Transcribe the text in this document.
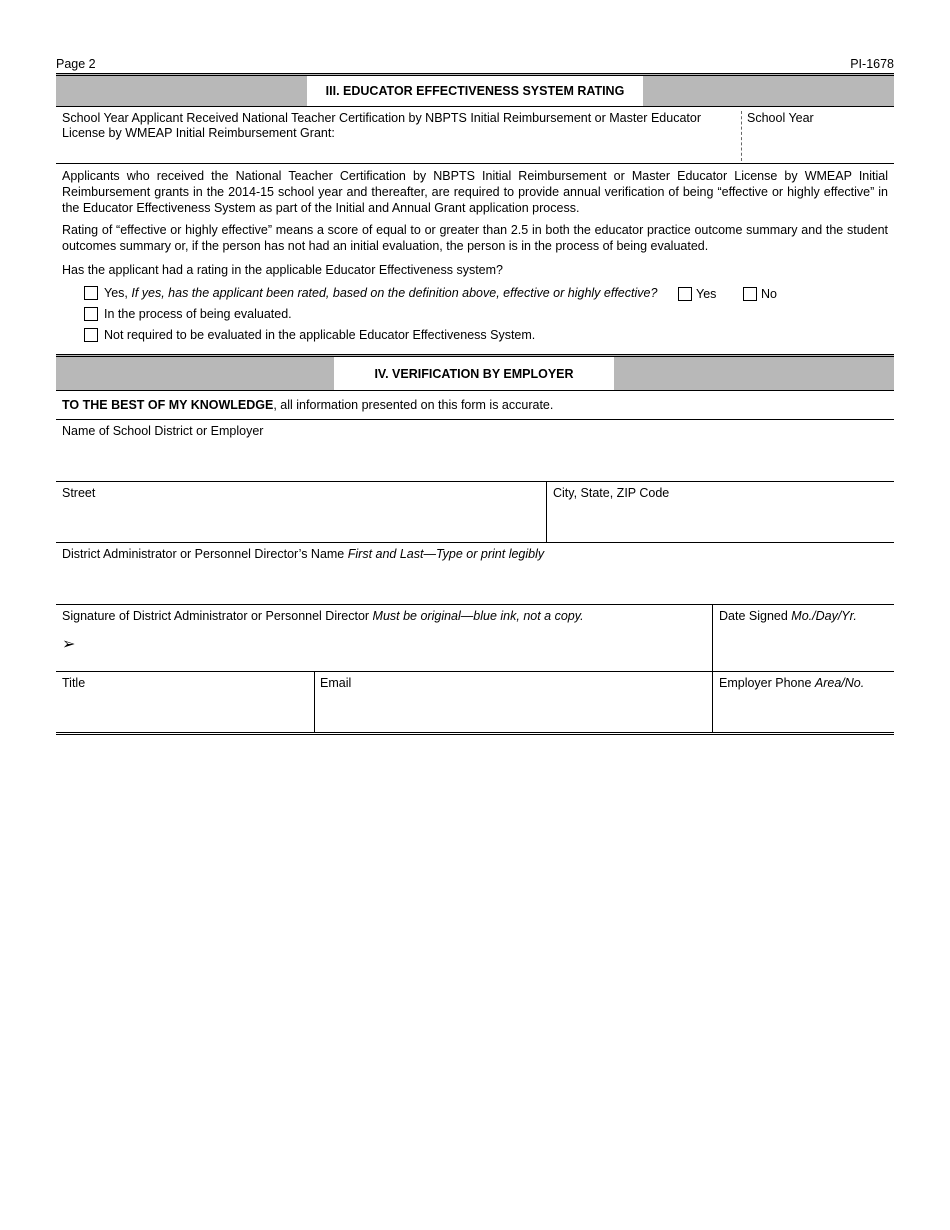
Page 2	PI-1678
III. EDUCATOR EFFECTIVENESS SYSTEM RATING
School Year Applicant Received National Teacher Certification by NBPTS Initial Reimbursement or Master Educator License by WMEAP Initial Reimbursement Grant:
School Year
Applicants who received the National Teacher Certification by NBPTS Initial Reimbursement or Master Educator License by WMEAP Initial Reimbursement grants in the 2014-15 school year and thereafter, are required to provide annual verification of being “effective or highly effective” in the Educator Effectiveness System as part of the Initial and Annual Grant application process.
Rating of “effective or highly effective” means a score of equal to or greater than 2.5 in both the educator practice outcome summary and the student outcomes summary or, if the person has not had an initial evaluation, the person is in the process of being evaluated.
Has the applicant had a rating in the applicable Educator Effectiveness system?
Yes, If yes, has the applicant been rated, based on the definition above, effective or highly effective?	Yes	No
In the process of being evaluated.
Not required to be evaluated in the applicable Educator Effectiveness System.
IV. VERIFICATION BY EMPLOYER
TO THE BEST OF MY KNOWLEDGE, all information presented on this form is accurate.
Name of School District or Employer
Street	City, State, ZIP Code
District Administrator or Personnel Director’s Name First and Last—Type or print legibly
Signature of District Administrator or Personnel Director Must be original—blue ink, not a copy.
➢
Date Signed Mo./Day/Yr.
Title	Email	Employer Phone Area/No.
